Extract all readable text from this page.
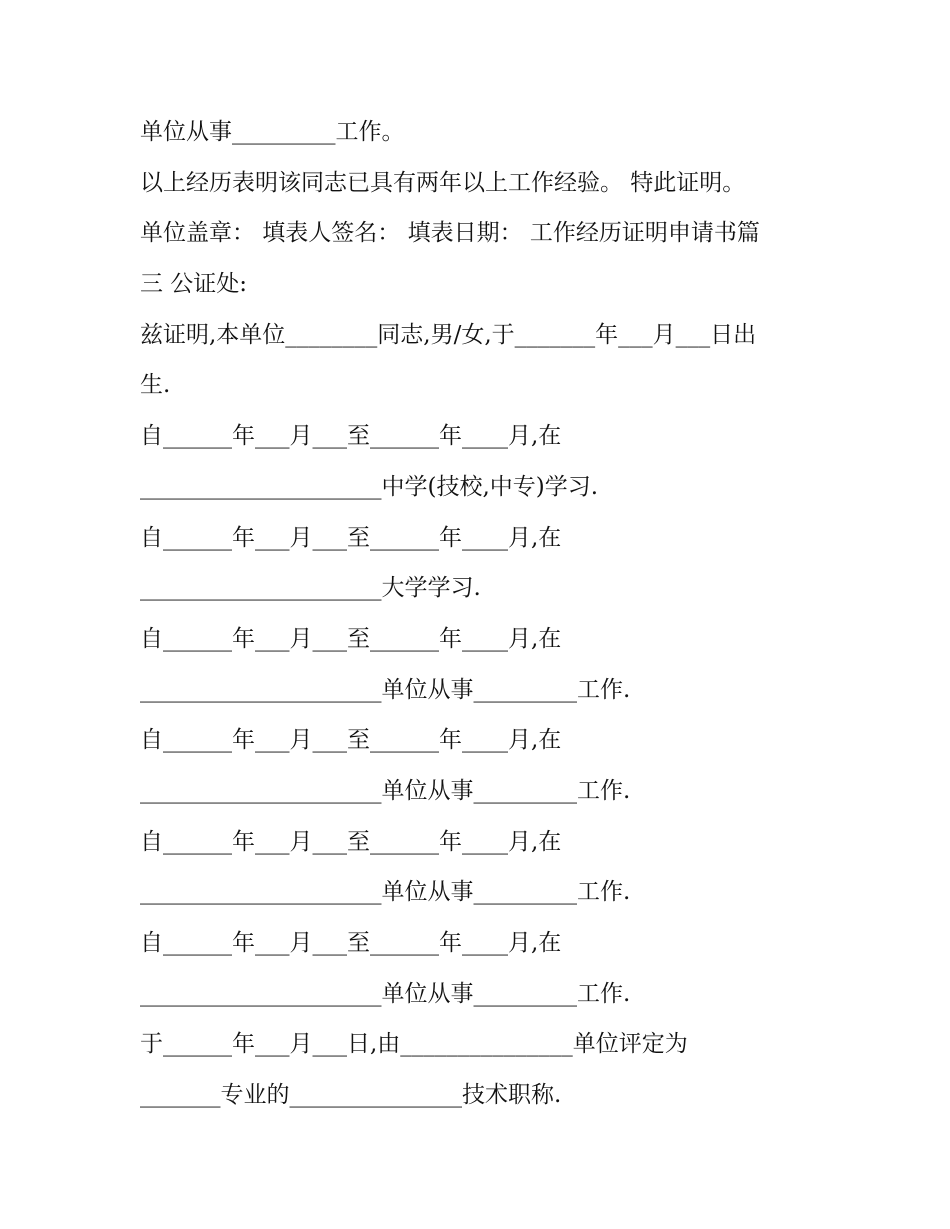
单位从事_________工作。
以上经历表明该同志已具有两年以上工作经验。 特此证明。
单位盖章： 填表人签名： 填表日期： 工作经历证明申请书篇
三 公证处:
兹证明,本单位________同志,男/女,于_______年___月___日出
生.
自______年___月___至______年____月,在
_____________________中学(技校,中专)学习.
自______年___月___至______年____月,在
_____________________大学学习.
自______年___月___至______年____月,在
_____________________单位从事_________工作.
自______年___月___至______年____月,在
_____________________单位从事_________工作.
自______年___月___至______年____月,在
_____________________单位从事_________工作.
自______年___月___至______年____月,在
_____________________单位从事_________工作.
于______年___月___日,由_______________单位评定为
_______专业的_______________技术职称.
